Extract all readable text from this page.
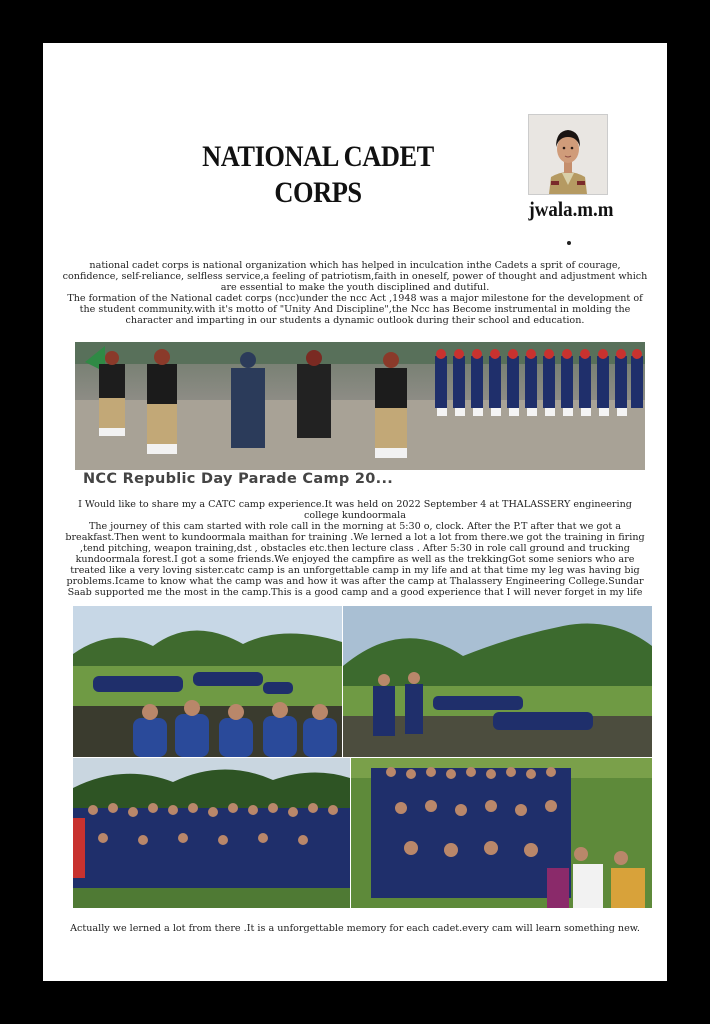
NATIONAL CADET CORPS	jwala.m.m

national cadet corps is national organization which has helped in inculcation inthe Cadets a sprit of courage, confidence, self-reliance, selfless service,a feeling of patriotism,faith in oneself, power of thought and adjustment which are essential to make the youth disciplined and dutiful.

The formation of the National cadet corps (ncc)under the ncc Act ,1948 was a major milestone for the development of the student community.with it's motto of "Unity And Discipline",the Ncc has Become instrumental in molding the character and imparting in our students a dynamic outlook during their school and education.

NCC Republic Day Parade Camp 20...

I Would like to share my a CATC camp experience.It was held on 2022 September 4 at THALASSERY engineering college kundoormala

The journey of this cam started with role call in the morning at 5:30 o, clock. After the P.T after that we got a breakfast.Then went to kundoormala maithan for training .We lerned a lot a lot from there.we got the training in firing ,tend pitching, weapon training,dst , obstacles etc.then lecture class . After 5:30 in role call ground and trucking kundoormala forest.I got a some friends.We enjoyed the campfire as well as the trekkingGot some seniors who are treated like a very loving sister.catc camp is an unforgettable camp in my life and at that time my leg was having big problems.Icame to know what the camp was and how it was after the camp at Thalassery Engineering College.Sundar Saab supported me the most in the camp.This is a good camp and a good experience that I will never forget in my life

Actually we lerned a lot from there .It is a unforgettable memory for each cadet.every cam will learn something new.
